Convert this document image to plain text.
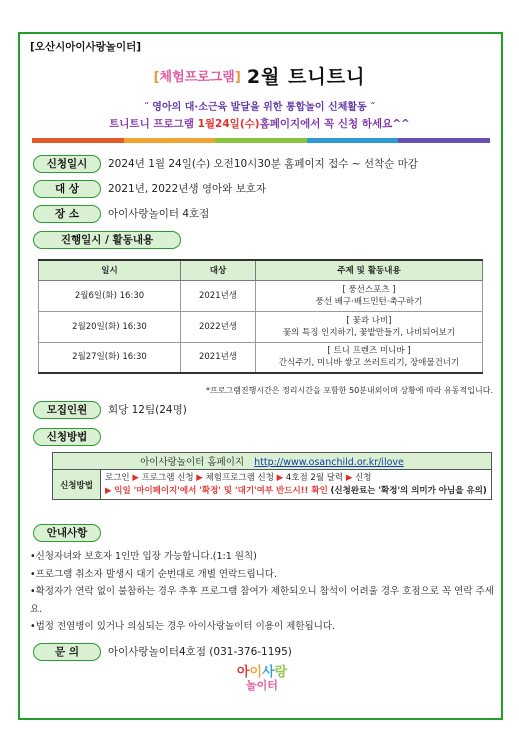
[오산시아이사랑놀이터]
[체험프로그램] 2월 트니트니
˝ 영아의 대·소근육 발달을 위한 통합놀이 신체활동 ˝
트니트니 프로그램 1월24일(수)홈페이지에서 꼭 신청 하세요^^
신청일시	2024년 1월 24일(수) 오전10시30분 홈페이지 접수 ~ 선착순 마감
대 상	2021년, 2022년생 영아와 보호자
장 소	아이사랑놀이터 4호점
진행일시 / 활동내용
일시	대상	주제 및 활동내용
2월6일(화) 16:30	2021년생	[ 풍선스포츠 ]
풍선 배구·배드민턴·축구하기

2월20일(화) 16:30	2022년생	[ 꽃과 나비]
꽃의 특징 인지하기, 꽃밭만들기, 나비되어보기

2월27일(화) 16:30	2021년생	[ 트니 프렌즈 미니바 ]
간식주기, 미니바 쌓고 쓰러트리기, 장애물건너기
*프로그램진행시간은 정리시간을 포함한 50분내외이며 상황에 따라 유동적입니다.
모집인원	회당 12팀(24명)
신청방법
아이사랑놀이터 홈페이지 http://www.osanchild.or.kr/ilove
신청방법	
로그인 ▶ 프로그램 신청 ▶ 체험프로그램 신청 ▶ 4호점 2월 달력 ▶ 신청
▶ 익일 '마이페이지'에서 '확정' 및 '대기'여부 반드시!! 확인 (신청완료는 '확정'의 의미가 아님을 유의)
안내사항

•신청자녀와 보호자 1인만 입장 가능합니다.(1:1 원칙)

•프로그램 취소자 발생시 대기 순번대로 개별 연락드립니다.

•확정자가 연락 없이 불참하는 경우 추후 프로그램 참여가 제한되오니 참석이 어려울 경우 호점으로 꼭 연락 주세요.

•법정 전염병이 있거나 의심되는 경우 아이사랑놀이터 이용이 제한됩니다.

문 의	아이사랑놀이터4호점 (031-376-1195)
아이사랑
놀이터
